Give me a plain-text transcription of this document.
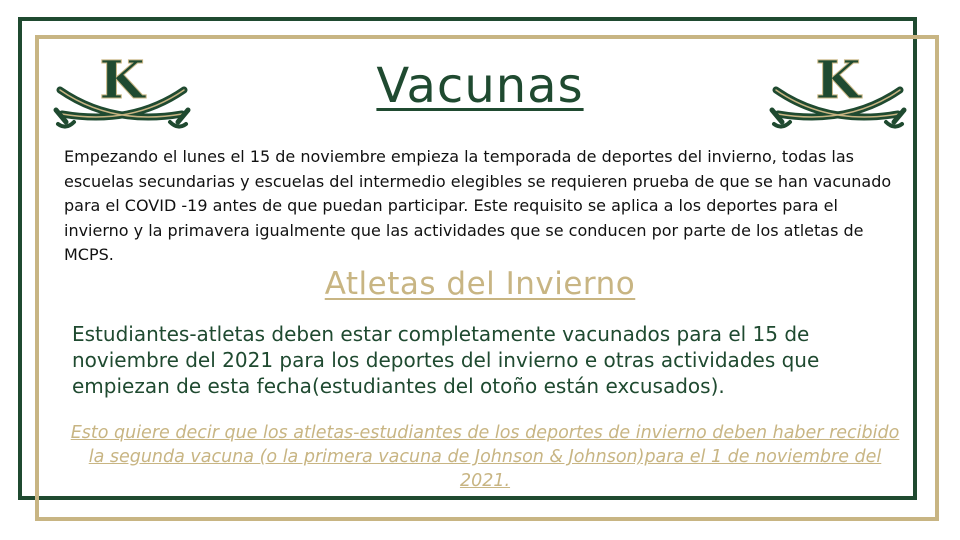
K	K
Vacunas

Empezando el lunes el 15 de noviembre empieza la temporada de deportes del invierno, todas las escuelas secundarias y escuelas del intermedio elegibles se requieren prueba de que se han vacunado para el COVID -19 antes de que puedan participar. Este requisito se aplica a los deportes para el invierno y la primavera igualmente que las actividades que se conducen por parte de los atletas de MCPS.

Atletas del Invierno

Estudiantes-atletas deben estar completamente vacunados para el 15 de noviembre del 2021 para los deportes del invierno e otras actividades que empiezan de esta fecha(estudiantes del otoño están excusados).

Esto quiere decir que los atletas-estudiantes de los deportes de invierno deben haber recibido la segunda vacuna (o la primera vacuna de Johnson & Johnson)para el 1 de noviembre del 2021.
